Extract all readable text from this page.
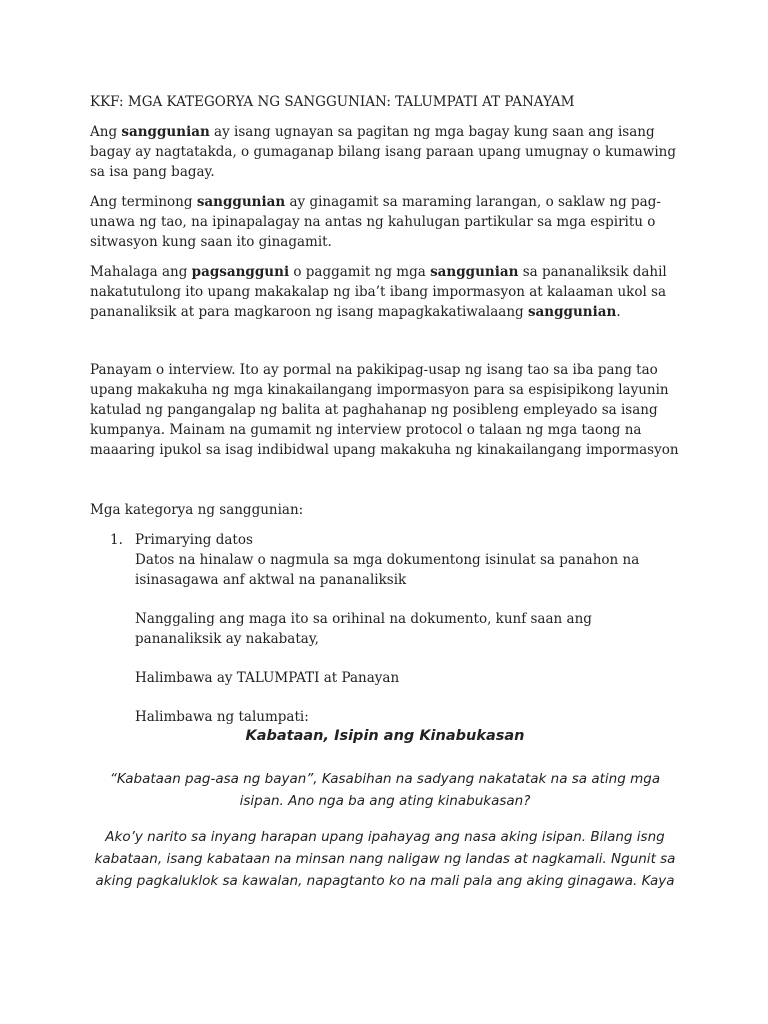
KKF: MGA KATEGORYA NG SANGGUNIAN: TALUMPATI AT PANAYAM

Ang sanggunian ay isang ugnayan sa pagitan ng mga bagay kung saan ang isang bagay ay nagtatakda, o gumaganap bilang isang paraan upang umugnay o kumawing sa isa pang bagay.

Ang terminong sanggunian ay ginagamit sa maraming larangan, o saklaw ng pag-unawa ng tao, na ipinapalagay na antas ng kahulugan partikular sa mga espiritu o sitwasyon kung saan ito ginagamit.

Mahalaga ang pagsangguni o paggamit ng mga sanggunian sa pananaliksik dahil nakatutulong ito upang makakalap ng iba’t ibang impormasyon at kalaaman ukol sa pananaliksik at para magkaroon ng isang mapagkakatiwalaang sanggunian.

Panayam o interview. Ito ay pormal na pakikipag-usap ng isang tao sa iba pang tao upang makakuha ng mga kinakailangang impormasyon para sa espisipikong layunin katulad ng pangangalap ng balita at paghahanap ng posibleng empleyado sa isang kumpanya. Mainam na gumamit ng interview protocol o talaan ng mga taong na maaaring ipukol sa isag indibidwal upang makakuha ng kinakailangang impormasyon

Mga kategorya ng sanggunian:

1. Primarying datos
Datos na hinalaw o nagmula sa mga dokumentong isinulat sa panahon na isinasagawa anf aktwal na pananaliksik
Nanggaling ang maga ito sa orihinal na dokumento, kunf saan ang pananaliksik ay nakabatay,
Halimbawa ay TALUMPATI at Panayan
Halimbawa ng talumpati:
Kabataan, Isipin ang Kinabukasan

“Kabataan pag-asa ng bayan”, Kasabihan na sadyang nakatatak na sa ating mga isipan. Ano nga ba ang ating kinabukasan?

Ako’y narito sa inyang harapan upang ipahayag ang nasa aking isipan. Bilang isng kabataan, isang kabataan na minsan nang naligaw ng landas at nagkamali. Ngunit sa aking pagkaluklok sa kawalan, napagtanto ko na mali pala ang aking ginagawa. Kaya
